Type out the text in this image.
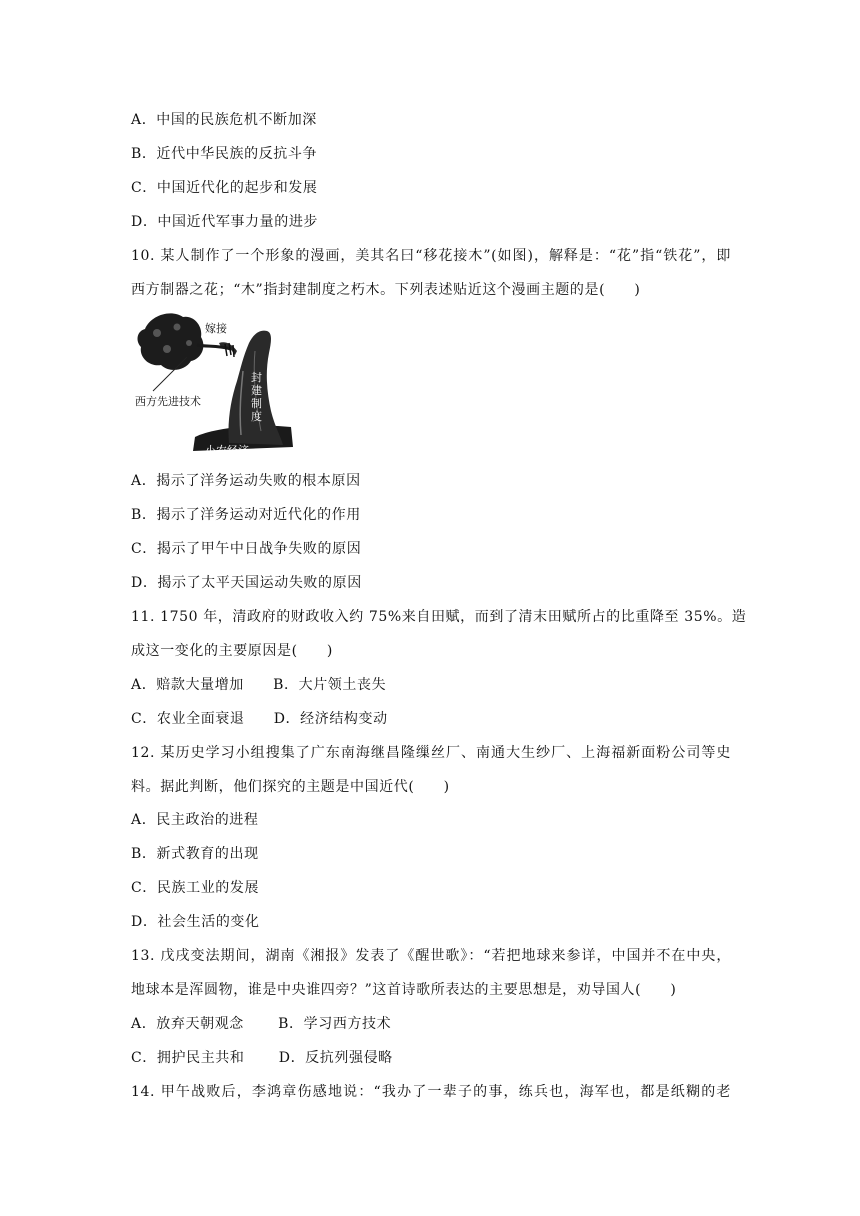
A．中国的民族危机不断加深
B．近代中华民族的反抗斗争
C．中国近代化的起步和发展
D．中国近代军事力量的进步
10. 某人制作了一个形象的漫画，美其名曰“移花接木”(如图)，解释是：“花”指“铁花”，即
西方制器之花；“木”指封建制度之朽木。下列表述贴近这个漫画主题的是(　　)
嫁接
西方先进技术
封
建
制
度
小农经济
A．揭示了洋务运动失败的根本原因
B．揭示了洋务运动对近代化的作用
C．揭示了甲午中日战争失败的原因
D．揭示了太平天国运动失败的原因
11. 1750 年，清政府的财政收入约 75%来自田赋，而到了清末田赋所占的比重降至 35%。造
成这一变化的主要原因是(　　)
A．赔款大量增加　　B．大片领土丧失
C．农业全面衰退　　D．经济结构变动
12. 某历史学习小组搜集了广东南海继昌隆缫丝厂、南通大生纱厂、上海福新面粉公司等史
料。据此判断，他们探究的主题是中国近代(　　)
A．民主政治的进程
B．新式教育的出现
C．民族工业的发展
D．社会生活的变化
13. 戊戌变法期间，湖南《湘报》发表了《醒世歌》：“若把地球来参详，中国并不在中央，
地球本是浑圆物，谁是中央谁四旁？”这首诗歌所表达的主要思想是，劝导国人(　　)
A．放弃天朝观念　　 B．学习西方技术
C．拥护民主共和　　 D．反抗列强侵略
14. 甲午战败后，李鸿章伤感地说：“我办了一辈子的事，练兵也，海军也，都是纸糊的老
